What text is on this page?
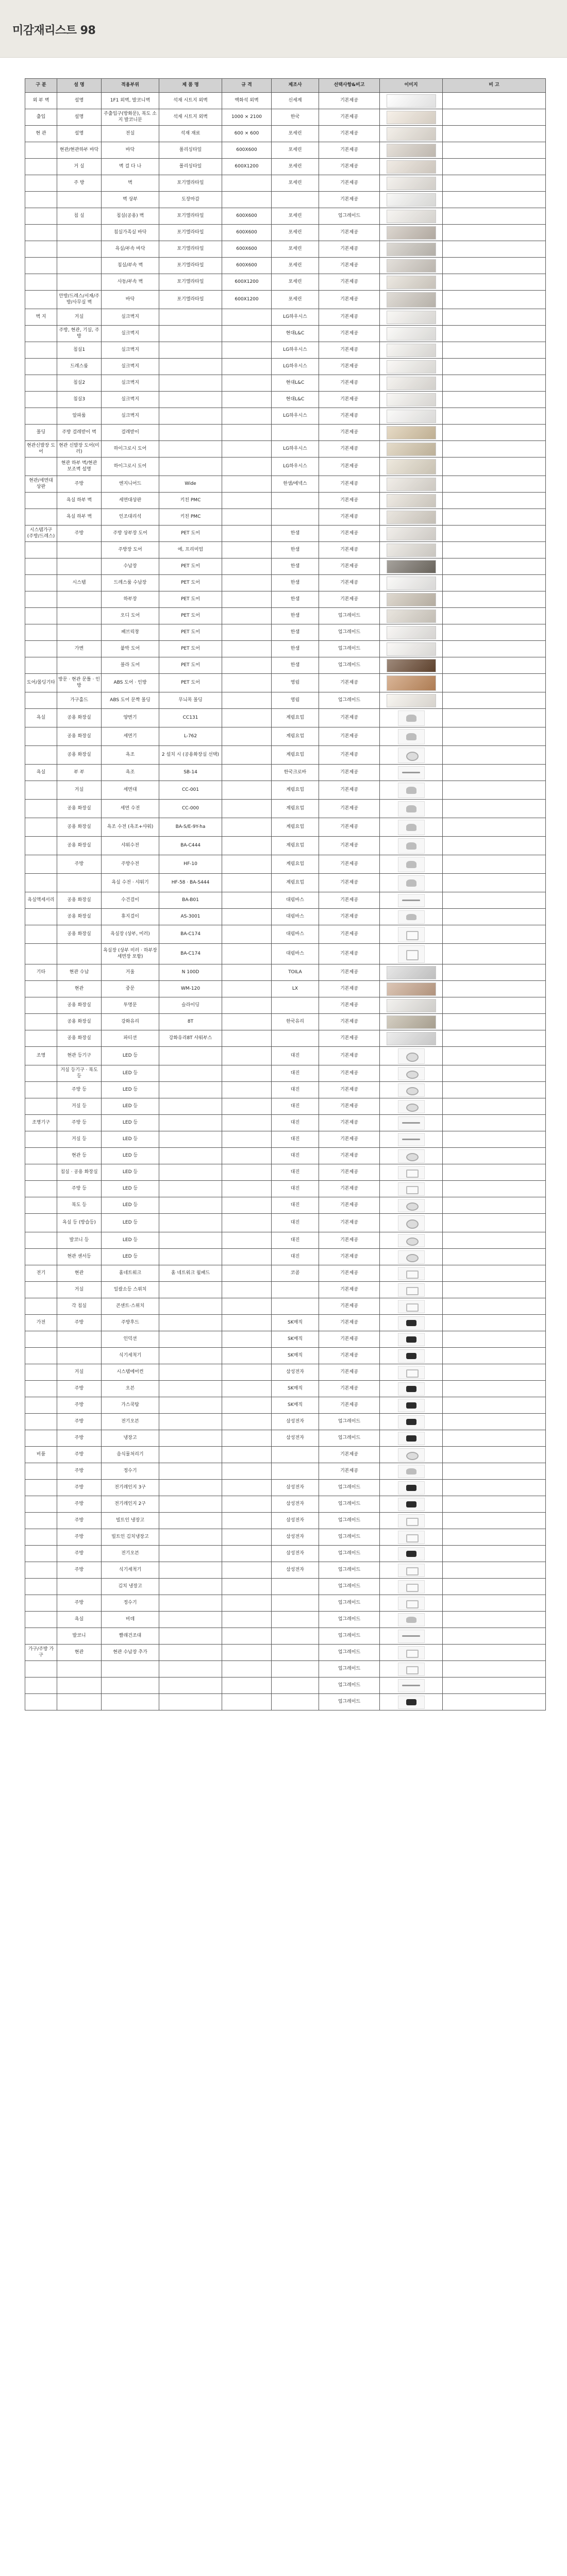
미감재리스트 98
구 분	설 명	적용부위	제 품 명	규 격	제조사	선택사항&비고	이미지	비 고
외 부 벽	설명	1F1 외벽, 발코니벽	석재 시트지 외벽	백화석 외벽	신세계	기본제공	

출입	설명	주출입구(방화문), 복도 소지 발코니문	석재 시트지 외벽	1000 × 2100	한국	기본제공	

현 관	설명	전실	석재 재료	600 × 600	포세린	기본제공	

	현관/현관하부 바닥	바닥	폴리싱타일	600X600	포세린	기본제공	

	거 실	벽 걸 다 나	폴리싱타일	600X1200	포세린	기본제공	

	주 방	벽	포기엘라타일		포세린	기본제공	

		벽 상부	도장마감			기본제공	

	침 실	침실(공용) 벽	포기엘라타일	600X600	포세린	업그레이드	

		침실가족실 바닥	포기엘라타일	600X600	포세린	기본제공	

		욕실/부속 바닥	포기엘라타일	600X600	포세린	기본제공	

		침실/부속 벽	포기엘라타일	600X600	포세린	기본제공	

		사동/부속 벽	포기엘라타일	600X1200	포세린	기본제공	

	안방/드레스/서재/주방/사무실 벽	바닥	포기엘라타일	600X1200	포세린	기본제공	

벽 지	거실	실크벽지			LG하우시스	기본제공	

	주방, 현관, 기실, 주방	실크벽지			현대L&C	기본제공	

	침실1	실크벽지			LG하우시스	기본제공	

	드레스룸	실크벽지			LG하우시스	기본제공	

	침실2	실크벽지			현대L&C	기본제공	

	침실3	실크벽지			현대L&C	기본제공	

	알파룸	실크벽지			LG하우시스	기본제공	

몰딩	주방 걸레받이 벽	걸레받이				기본제공	

현관신발장 도어	현관 신발장 도어(미러)	하이그로시 도어			LG하우시스	기본제공	

	현관 하부 벽/현관 보조벽 설명	하이그로시 도어			LG하우시스	기본제공	

현관/세면대 상판	주방	엔지니어드	Wide		한샘/에넥스	기본제공	

	욕실 하부 벽	세면대상판	키친 PMC			기본제공	

	욕실 하부 벽	인조대리석	키친 PMC			기본제공	

시스템가구 (주방/드레스)	주방	주방 상부장 도어	PET 도어		한샘	기본제공	

		주방장 도어	에, 프리미엄		한샘	기본제공	

		수납장	PET 도어		한샘	기본제공	

	시스템	드레스룸 수납장	PET 도어		한샘	기본제공	

		하부장	PET 도어		한샘	기본제공	

		오디 도어	PET 도어		한샘	업그레이드	

		패브릭창	PET 도어		한샘	업그레이드	

	가변	붙박 도어	PET 도어		한샘	업그레이드	

		블라 도어	PET 도어		한샘	업그레이드	

도어/몰딩기타	방문 · 현관 문틀 · 인방	ABS 도어 · 인방	PET 도어		영림	기본제공	

	가구홀드	ABS 도어 문짝 몰딩	무늬목 몰딩		영림	업그레이드	

욕실	공용 화장실	양변기	CC131		계림요업	기본제공	

	공용 화장실	세면기	L-762		계림요업	기본제공	

	공용 화장실	욕조	2 설치 시 (공용화장실 선택)		계림요업	기본제공	

욕실	부 부	욕조	SB-14		한국크로바	기본제공	

	거실	세면대	CC-001		계림요업	기본제공	

	공용 화장실	세면 수전	CC-000		계림요업	기본제공	

	공용 화장실	욕조 수전 (욕조+샤워)	BA-S/E-9Y-ha		계림요업	기본제공	

	공용 화장실	샤워수전	BA-C444		계림요업	기본제공	

	주방	주방수전	HF-10		계림요업	기본제공	

		욕실 수전 · 샤워기	HF-58 · BA-S444		계림요업	기본제공	

욕실액세서리	공용 화장실	수건걸이	BA-B01		대림바스	기본제공	

	공용 화장실	휴지걸이	AS-3001		대림바스	기본제공	

	공용 화장실	욕실장 (상부, 미러)	BA-C174		대림바스	기본제공	

		욕실장 (상부 미러 · 하부장 세면장 포함)	BA-C174		대림바스	기본제공	

기타	현관 수납	거울	N 100D		TOILA	기본제공	

	현관	중문	WM-120		LX	기본제공	

	공용 화장실	투명문	슬라이딩			기본제공	

	공용 화장실	강화유리	8T		한국유리	기본제공	

	공용 화장실	파티션	강화유리8T 샤워부스			기본제공	

조명	현관 등기구	LED 등			대진	기본제공	

	거실 등기구 · 복도 등	LED 등			대진	기본제공	

	주방 등	LED 등			대진	기본제공	

	거실 등	LED 등			대진	기본제공	

조명기구	주방 등	LED 등			대진	기본제공	

	거실 등	LED 등			대진	기본제공	

	현관 등	LED 등			대진	기본제공	

	침실 · 공용 화장실	LED 등			대진	기본제공	

	주방 등	LED 등			대진	기본제공	

	복도 등	LED 등			대진	기본제공	

	욕실 등 (방습등)	LED 등			대진	기본제공	

	발코니 등	LED 등			대진	기본제공	

	현관 센서등	LED 등			대진	기본제공	

전기	현관	홈네트워크	홈 네트워크 월패드		코콤	기본제공	

	거실	일괄소등 스위치				기본제공	

	각 침실	콘센트·스위치				기본제공	

가전	주방	주방후드			SK매직	기본제공	

		인덕션			SK매직	기본제공	

		식기세척기			SK매직	기본제공	

	거실	시스템에어컨			삼성전자	기본제공	

	주방	오븐			SK매직	기본제공	

	주방	가스쿡탑			SK매직	기본제공	

	주방	전기오븐			삼성전자	업그레이드	

	주방	냉장고			삼성전자	업그레이드	

비품	주방	음식물처리기				기본제공	

	주방	정수기				기본제공	

	주방	전기레인지 3구			삼성전자	업그레이드	

	주방	전기레인지 2구			삼성전자	업그레이드	

	주방	빌트인 냉장고			삼성전자	업그레이드	

	주방	빌트인 김치냉장고			삼성전자	업그레이드	

	주방	전기오븐			삼성전자	업그레이드	

	주방	식기세척기			삼성전자	업그레이드	

		김치 냉장고				업그레이드	

	주방	정수기				업그레이드	

	욕실	비데				업그레이드	

	발코니	빨래건조대				업그레이드	

가구/주방 가구	현관	현관 수납장 추가				업그레이드	

						업그레이드	

						업그레이드	

						업그레이드	
